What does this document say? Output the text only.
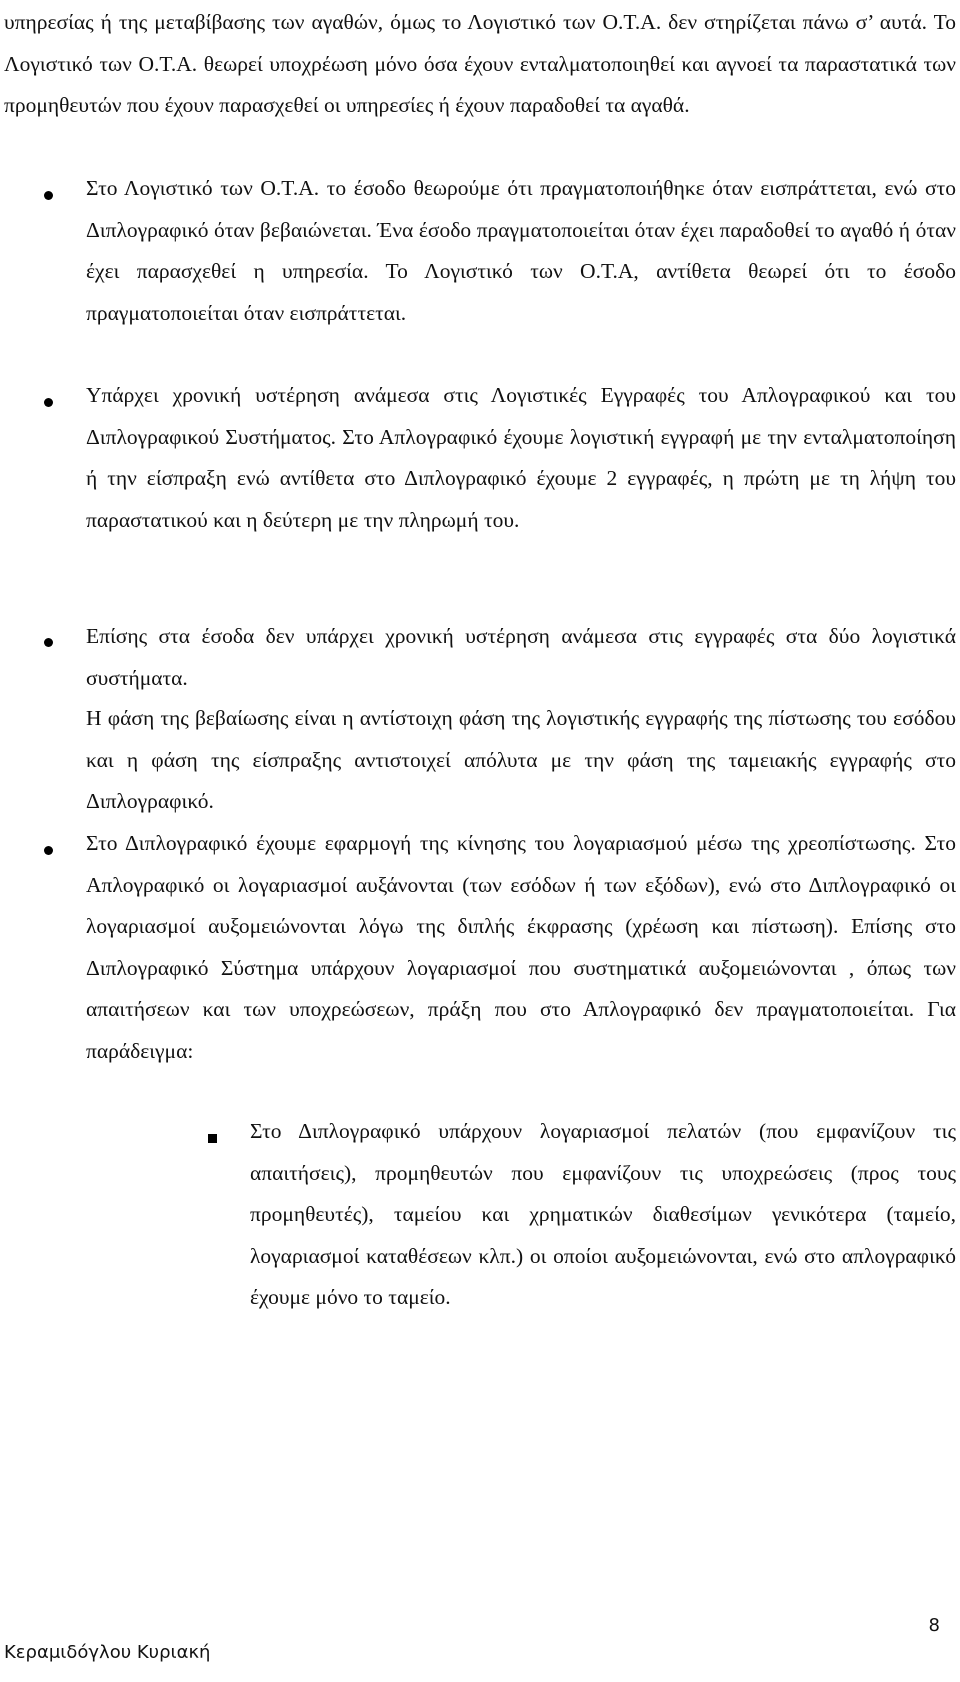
υπηρεσίας ή της μεταβίβασης των αγαθών, όμως το Λογιστικό των Ο.Τ.Α. δεν στηρίζεται πάνω σ’ αυτά. Το Λογιστικό των Ο.Τ.Α. θεωρεί υποχρέωση μόνο όσα έχουν ενταλματοποιηθεί και αγνοεί τα παραστατικά των προμηθευτών που έχουν παρασχεθεί οι υπηρεσίες ή έχουν παραδοθεί τα αγαθά.

Στο Λογιστικό των Ο.Τ.Α. το έσοδο θεωρούμε ότι πραγματοποιήθηκε όταν εισπράττεται, ενώ στο Διπλογραφικό όταν βεβαιώνεται. Ένα έσοδο πραγματοποιείται όταν έχει παραδοθεί το αγαθό ή όταν έχει παρασχεθεί η υπηρεσία. Το Λογιστικό των Ο.Τ.Α, αντίθετα θεωρεί ότι το έσοδο πραγματοποιείται όταν εισπράττεται.

Υπάρχει χρονική υστέρηση ανάμεσα στις Λογιστικές Εγγραφές του Απλογραφικού και του Διπλογραφικού Συστήματος. Στο Απλογραφικό έχουμε λογιστική εγγραφή με την ενταλματοποίηση ή την είσπραξη ενώ αντίθετα στο Διπλογραφικό έχουμε 2 εγγραφές, η πρώτη με τη λήψη του παραστατικού και η δεύτερη με την πληρωμή του.

Επίσης στα έσοδα δεν υπάρχει χρονική υστέρηση ανάμεσα στις εγγραφές στα δύο λογιστικά συστήματα.

Η φάση της βεβαίωσης είναι η αντίστοιχη φάση της λογιστικής εγγραφής της πίστωσης του εσόδου και η φάση της είσπραξης αντιστοιχεί απόλυτα με την φάση της ταμειακής εγγραφής στο Διπλογραφικό.

Στο Διπλογραφικό έχουμε εφαρμογή της κίνησης του λογαριασμού μέσω της χρεοπίστωσης. Στο Απλογραφικό οι λογαριασμοί αυξάνονται (των εσόδων ή των εξόδων), ενώ στο Διπλογραφικό οι λογαριασμοί αυξομειώνονται λόγω της διπλής έκφρασης (χρέωση και πίστωση). Επίσης στο Διπλογραφικό Σύστημα υπάρχουν λογαριασμοί που συστηματικά αυξομειώνονται , όπως των απαιτήσεων και των υποχρεώσεων, πράξη που στο Απλογραφικό δεν πραγματοποιείται. Για παράδειγμα:

Στο Διπλογραφικό υπάρχουν λογαριασμοί πελατών (που εμφανίζουν τις απαιτήσεις), προμηθευτών που εμφανίζουν τις υποχρεώσεις (προς τους προμηθευτές), ταμείου και χρηματικών διαθεσίμων γενικότερα (ταμείο, λογαριασμοί καταθέσεων κλπ.) οι οποίοι αυξομειώνονται, ενώ στο απλογραφικό έχουμε μόνο το ταμείο.

8
Κεραμιδόγλου Κυριακή
